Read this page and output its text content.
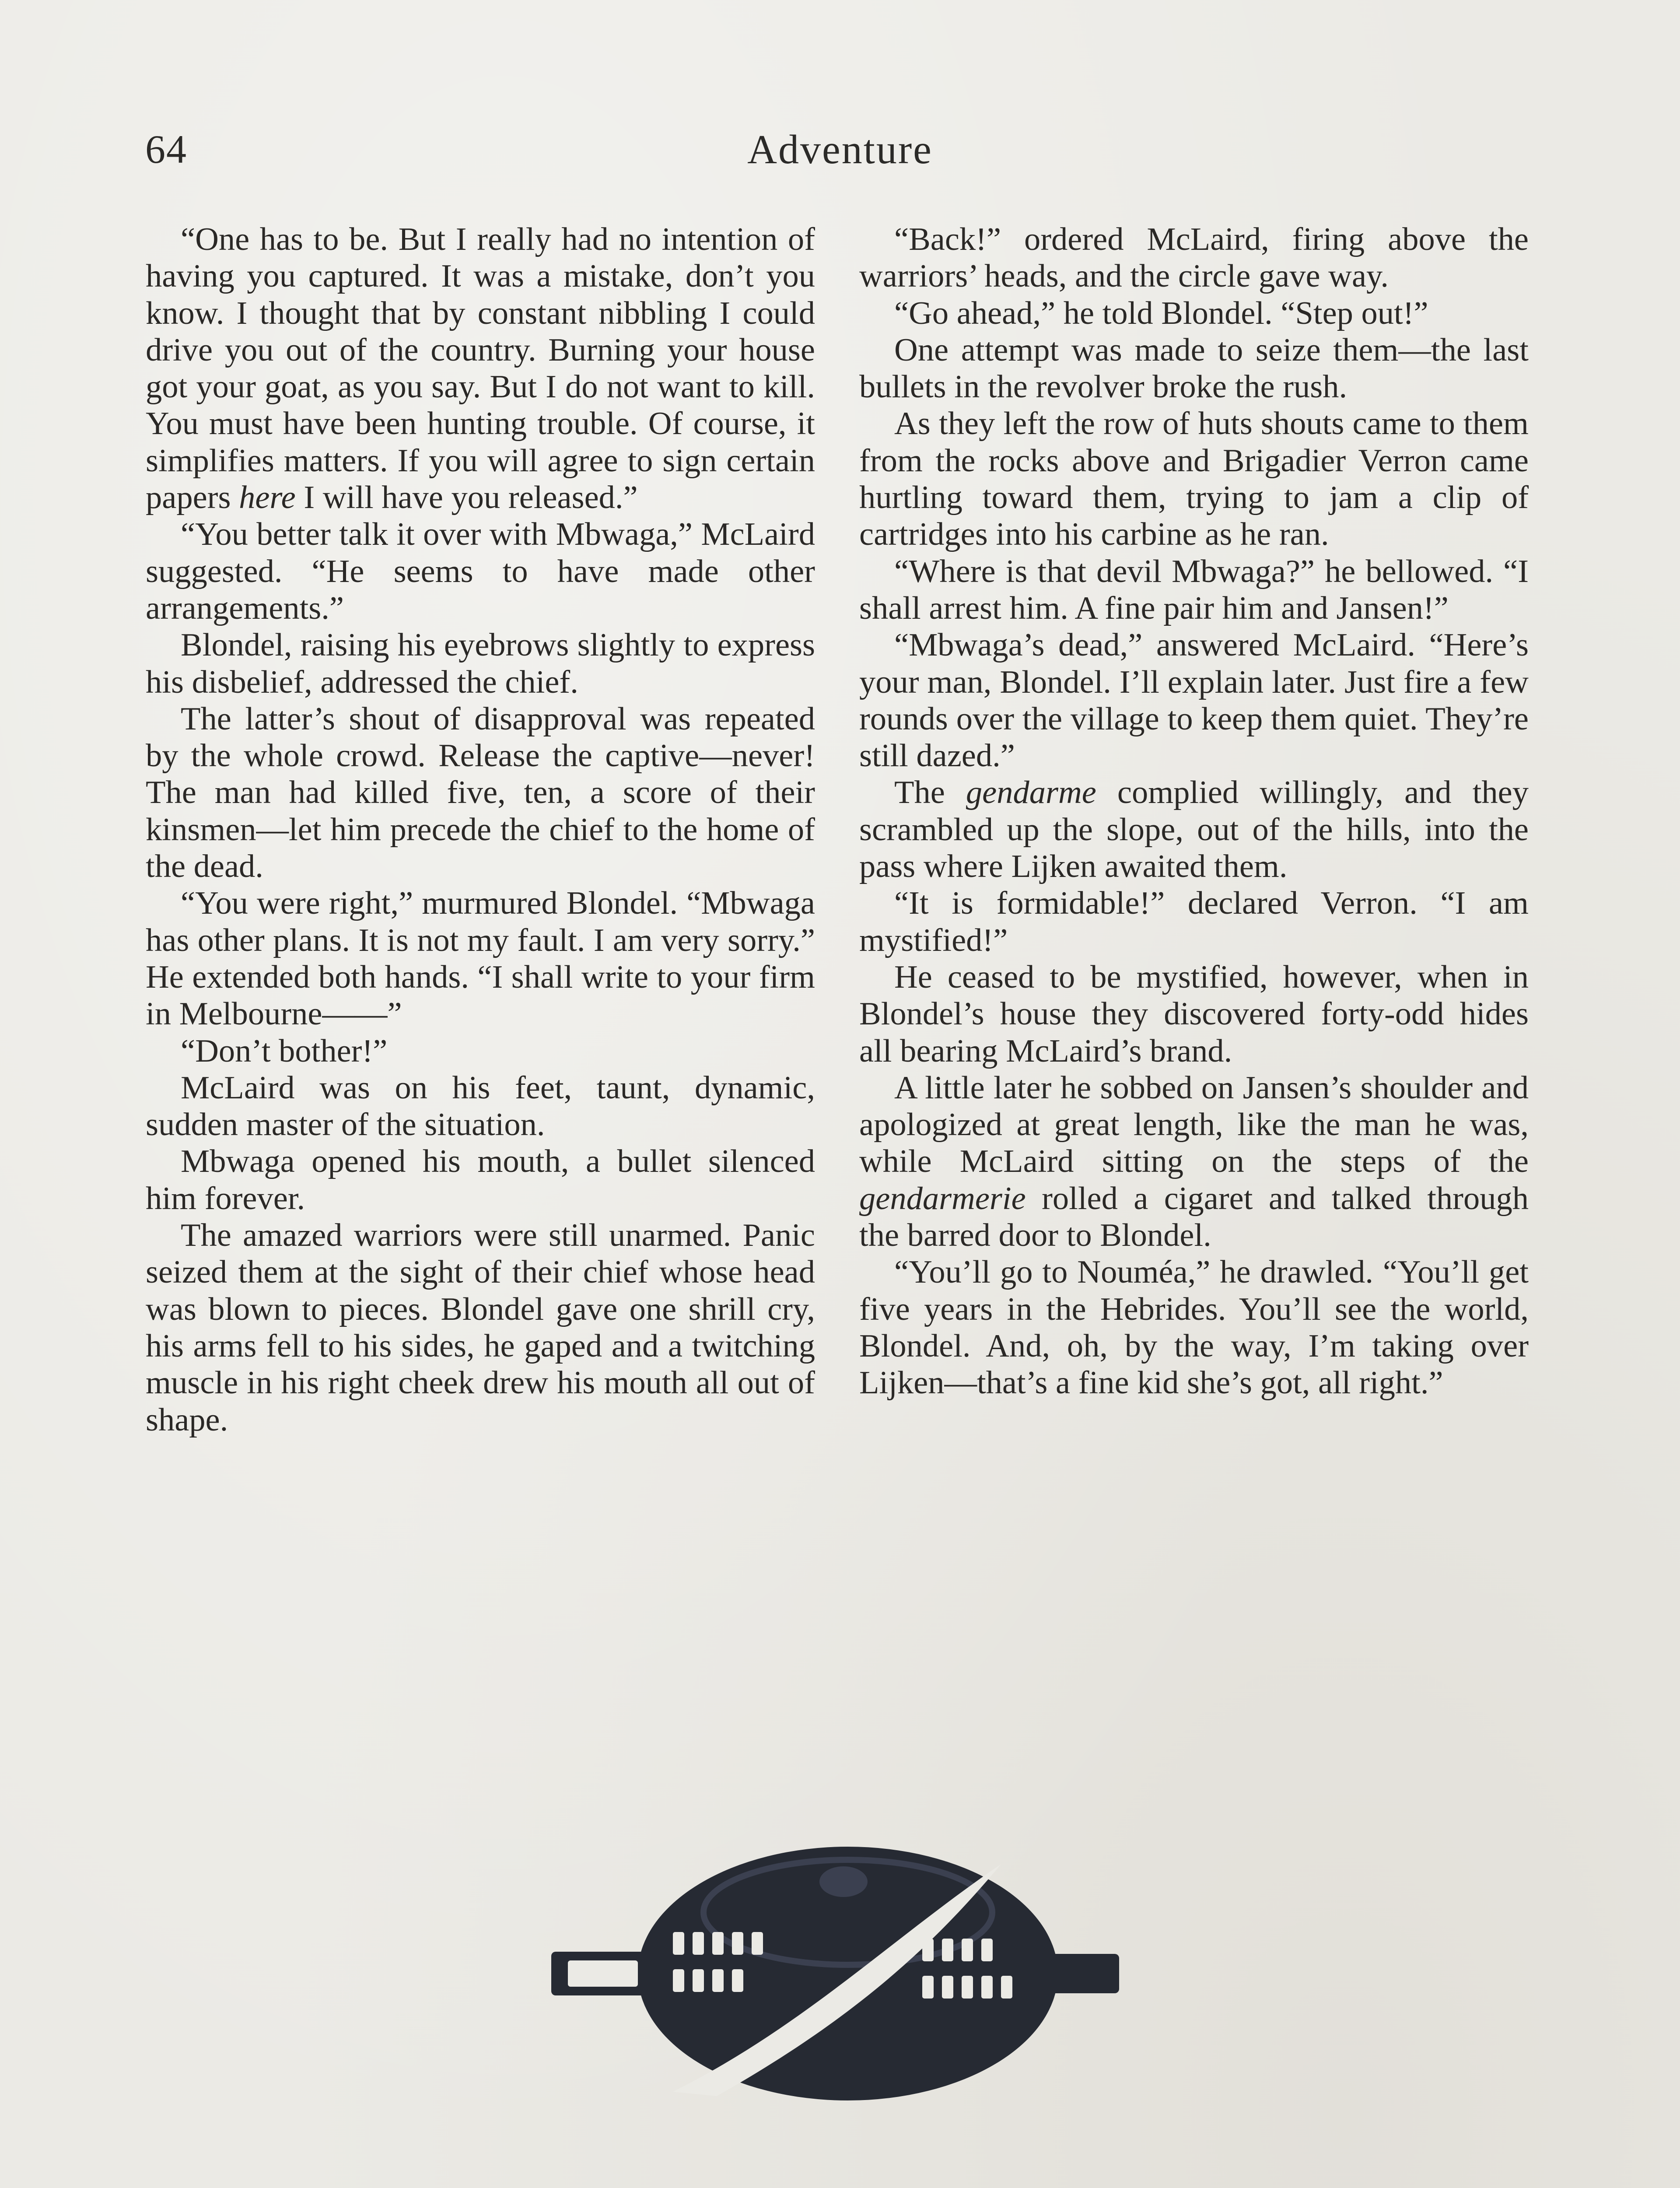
64	Adventure

“One has to be. But I really had no intention of having you captured. It was a mistake, don’t you know. I thought that by constant nibbling I could drive you out of the country. Burning your house got your goat, as you say. But I do not want to kill. You must have been hunting trouble. Of course, it simplifies matters. If you will agree to sign certain papers here I will have you released.”

“You better talk it over with Mbwaga,” McLaird suggested. “He seems to have made other arrangements.”

Blondel, raising his eyebrows slightly to express his disbelief, addressed the chief.

The latter’s shout of disapproval was repeated by the whole crowd. Release the captive—never! The man had killed five, ten, a score of their kinsmen—let him precede the chief to the home of the dead.

“You were right,” murmured Blondel. “Mbwaga has other plans. It is not my fault. I am very sorry.” He extended both hands. “I shall write to your firm in Melbourne——”

“Don’t bother!”

McLaird was on his feet, taunt, dynamic, sudden master of the situation.

Mbwaga opened his mouth, a bullet silenced him forever.

The amazed warriors were still unarmed. Panic seized them at the sight of their chief whose head was blown to pieces. Blondel gave one shrill cry, his arms fell to his sides, he gaped and a twitching muscle in his right cheek drew his mouth all out of shape.

“Back!” ordered McLaird, firing above the warriors’ heads, and the circle gave way.

“Go ahead,” he told Blondel. “Step out!”

One attempt was made to seize them—the last bullets in the revolver broke the rush.

As they left the row of huts shouts came to them from the rocks above and Brigadier Verron came hurtling toward them, trying to jam a clip of cartridges into his carbine as he ran.

“Where is that devil Mbwaga?” he bellowed. “I shall arrest him. A fine pair him and Jansen!”

“Mbwaga’s dead,” answered McLaird. “Here’s your man, Blondel. I’ll explain later. Just fire a few rounds over the village to keep them quiet. They’re still dazed.”

The gendarme complied willingly, and they scrambled up the slope, out of the hills, into the pass where Lijken awaited them.

“It is formidable!” declared Verron. “I am mystified!”

He ceased to be mystified, however, when in Blondel’s house they discovered forty-odd hides all bearing McLaird’s brand.

A little later he sobbed on Jansen’s shoulder and apologized at great length, like the man he was, while McLaird sitting on the steps of the gendarmerie rolled a cigaret and talked through the barred door to Blondel.

“You’ll go to Nouméa,” he drawled. “You’ll get five years in the Hebrides. You’ll see the world, Blondel. And, oh, by the way, I’m taking over Lijken—that’s a fine kid she’s got, all right.”
